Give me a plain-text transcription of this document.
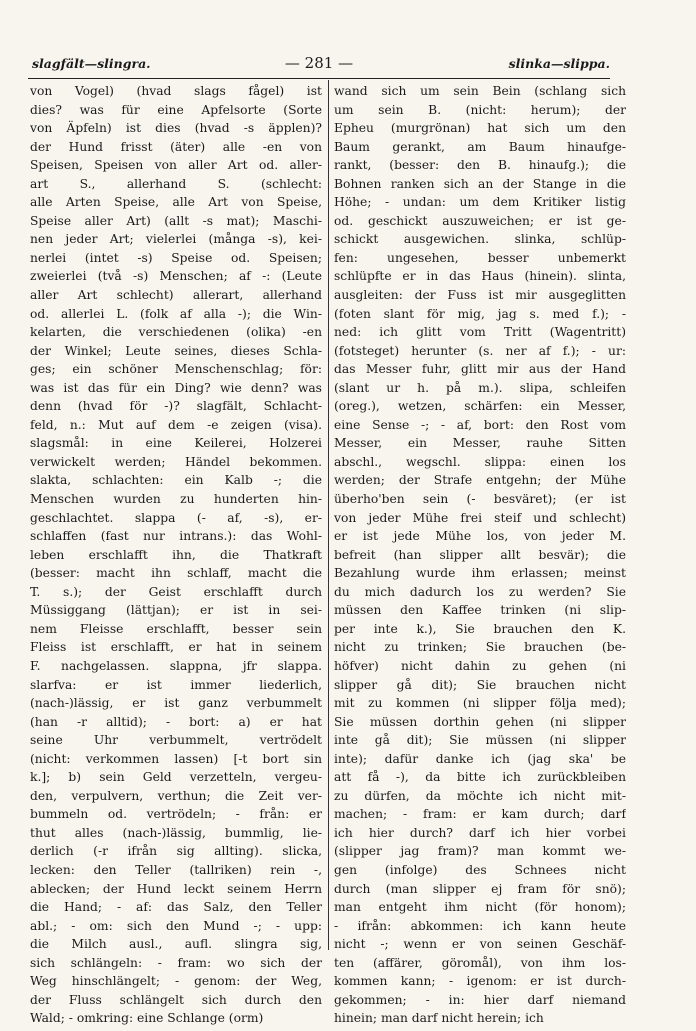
slagfält—slingra.	— 281 —	slinka—slippa.
von Vogel) (hvad slags fågel) ist
dies? was für eine Apfelsorte (Sorte
von Äpfeln) ist dies (hvad -s äpplen)?
der Hund frisst (äter) alle -en von
Speisen, Speisen von aller Art od. aller-
art S., allerhand S. (schlecht:
alle Arten Speise, alle Art von Speise,
Speise aller Art) (allt -s mat); Maschi-
nen jeder Art; vielerlei (många -s), kei-
nerlei (intet -s) Speise od. Speisen;
zweierlei (två -s) Menschen; af -: (Leute
aller Art schlecht) allerart, allerhand
od. allerlei L. (folk af alla -); die Win-
kelarten, die verschiedenen (olika) -en
der Winkel; Leute seines, dieses Schla-
ges; ein schöner Menschenschlag; för:
was ist das für ein Ding? wie denn? was
denn (hvad för -)? slagfält, Schlacht-
feld, n.: Mut auf dem -e zeigen (visa).
slagsmål: in eine Keilerei, Holzerei
verwickelt werden; Händel bekommen.
slakta, schlachten: ein Kalb -; die
Menschen wurden zu hunderten hin-
geschlachtet. slappa (- af, -s), er-
schlaffen (fast nur intrans.): das Wohl-
leben erschlafft ihn, die Thatkraft
(besser: macht ihn schlaff, macht die
T. s.); der Geist erschlafft durch
Müssiggang (lättjan); er ist in sei-
nem Fleisse erschlafft, besser sein
Fleiss ist erschlafft, er hat in seinem
F. nachgelassen. slappna, jfr slappa.
slarfva: er ist immer liederlich,
(nach-)lässig, er ist ganz verbummelt
(han -r alltid); - bort: a) er hat
seine Uhr verbummelt, vertrödelt
(nicht: verkommen lassen) [-t bort sin
k.]; b) sein Geld verzetteln, vergeu-
den, verpulvern, verthun; die Zeit ver-
bummeln od. vertrödeln; - från: er
thut alles (nach-)lässig, bummlig, lie-
derlich (-r ifrån sig allting). slicka,
lecken: den Teller (tallriken) rein -,
ablecken; der Hund leckt seinem Herrn
die Hand; - af: das Salz, den Teller
abl.; - om: sich den Mund -; - upp:
die Milch ausl., aufl. slingra sig,
sich schlängeln: - fram: wo sich der
Weg hinschlängelt; - genom: der Weg,
der Fluss schlängelt sich durch den
Wald; - omkring: eine Schlange (orm)
wand sich um sein Bein (schlang sich
um sein B. (nicht: herum); der
Epheu (murgrönan) hat sich um den
Baum gerankt, am Baum hinaufge-
rankt, (besser: den B. hinaufg.); die
Bohnen ranken sich an der Stange in die
Höhe; - undan: um dem Kritiker listig
od. geschickt auszuweichen; er ist ge-
schickt ausgewichen. slinka, schlüp-
fen: ungesehen, besser unbemerkt
schlüpfte er in das Haus (hinein). slinta,
ausgleiten: der Fuss ist mir ausgeglitten
(foten slant för mig, jag s. med f.); -
ned: ich glitt vom Tritt (Wagentritt)
(fotsteget) herunter (s. ner af f.); - ur:
das Messer fuhr, glitt mir aus der Hand
(slant ur h. på m.). slipa, schleifen
(oreg.), wetzen, schärfen: ein Messer,
eine Sense -; - af, bort: den Rost vom
Messer, ein Messer, rauhe Sitten
abschl., wegschl. slippa: einen los
werden; der Strafe entgehn; der Mühe
überho'ben sein (- besväret); (er ist
von jeder Mühe frei steif und schlecht)
er ist jede Mühe los, von jeder M.
befreit (han slipper allt besvär); die
Bezahlung wurde ihm erlassen; meinst
du mich dadurch los zu werden? Sie
müssen den Kaffee trinken (ni slip-
per inte k.), Sie brauchen den K.
nicht zu trinken; Sie brauchen (be-
höfver) nicht dahin zu gehen (ni
slipper gå dit); Sie brauchen nicht
mit zu kommen (ni slipper följa med);
Sie müssen dorthin gehen (ni slipper
inte gå dit); Sie müssen (ni slipper
inte); dafür danke ich (jag ska' be
att få -), da bitte ich zurückbleiben
zu dürfen, da möchte ich nicht mit-
machen; - fram: er kam durch; darf
ich hier durch? darf ich hier vorbei
(slipper jag fram)? man kommt we-
gen (infolge) des Schnees nicht
durch (man slipper ej fram för snö);
man entgeht ihm nicht (för honom);
- ifrån: abkommen: ich kann heute
nicht -; wenn er von seinen Geschäf-
ten (affärer, göromål), von ihm los-
kommen kann; - igenom: er ist durch-
gekommen; - in: hier darf niemand
hinein; man darf nicht herein; ich
